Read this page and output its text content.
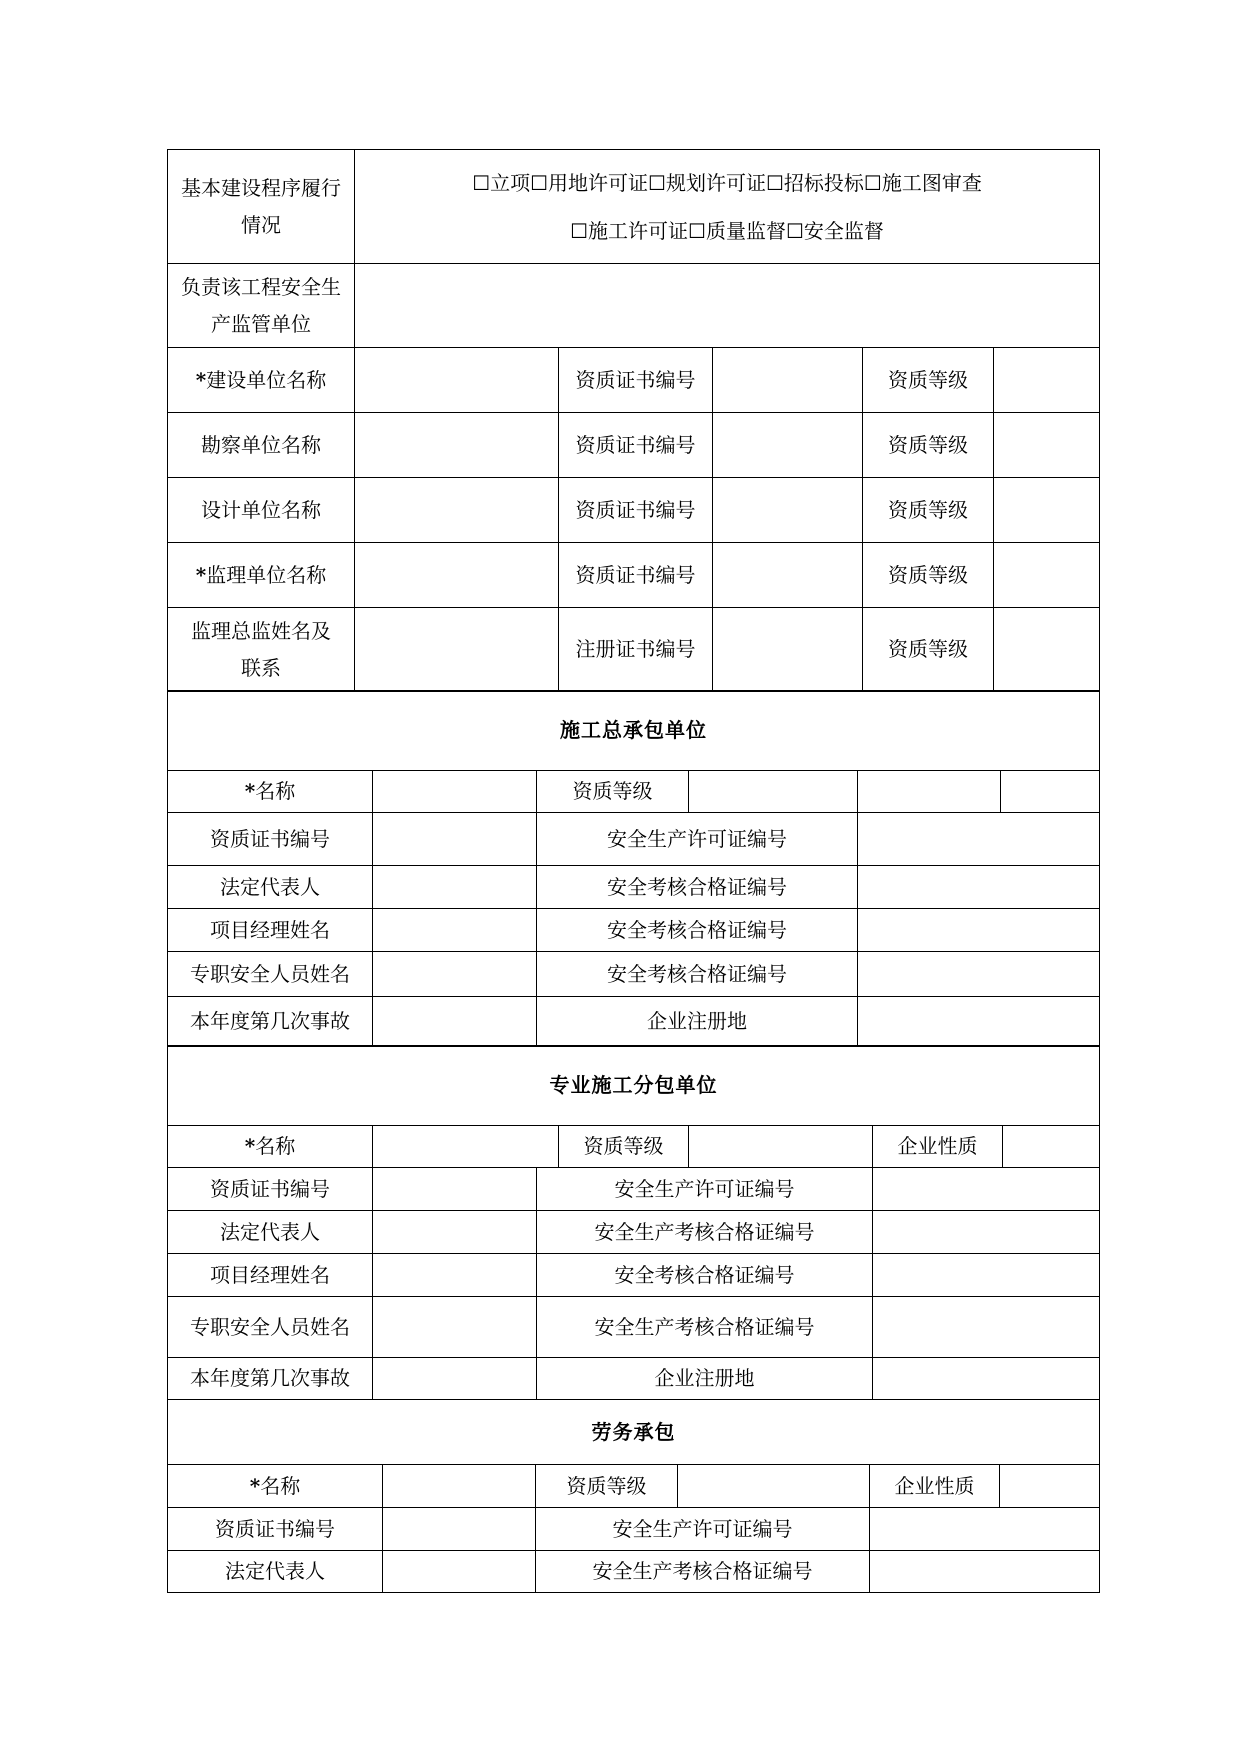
基本建设程序履行情况	☐立项☐用地许可证☐规划许可证☐招标投标☐施工图审查
☐施工许可证☐质量监督☐安全监督				

负责该工程安全生产监管单位					
*建设单位名称		资质证书编号		资质等级	
勘察单位名称		资质证书编号		资质等级	
设计单位名称		资质证书编号		资质等级	
*监理单位名称		资质证书编号		资质等级	
监理总监姓名及联系		注册证书编号		资质等级	
施工总承包单位					
*名称		资质等级			
资质证书编号		安全生产许可证编号			
法定代表人		安全考核合格证编号			
项目经理姓名		安全考核合格证编号			
专职安全人员姓名		安全考核合格证编号			
本年度第几次事故		企业注册地			
专业施工分包单位						
*名称			资质等级		企业性质	
资质证书编号		安全生产许可证编号				
法定代表人		安全生产考核合格证编号				
项目经理姓名		安全考核合格证编号				
专职安全人员姓名		安全生产考核合格证编号				
本年度第几次事故		企业注册地				
劳务承包					
*名称		资质等级		企业性质	
资质证书编号		安全生产许可证编号			
法定代表人		安全生产考核合格证编号			
